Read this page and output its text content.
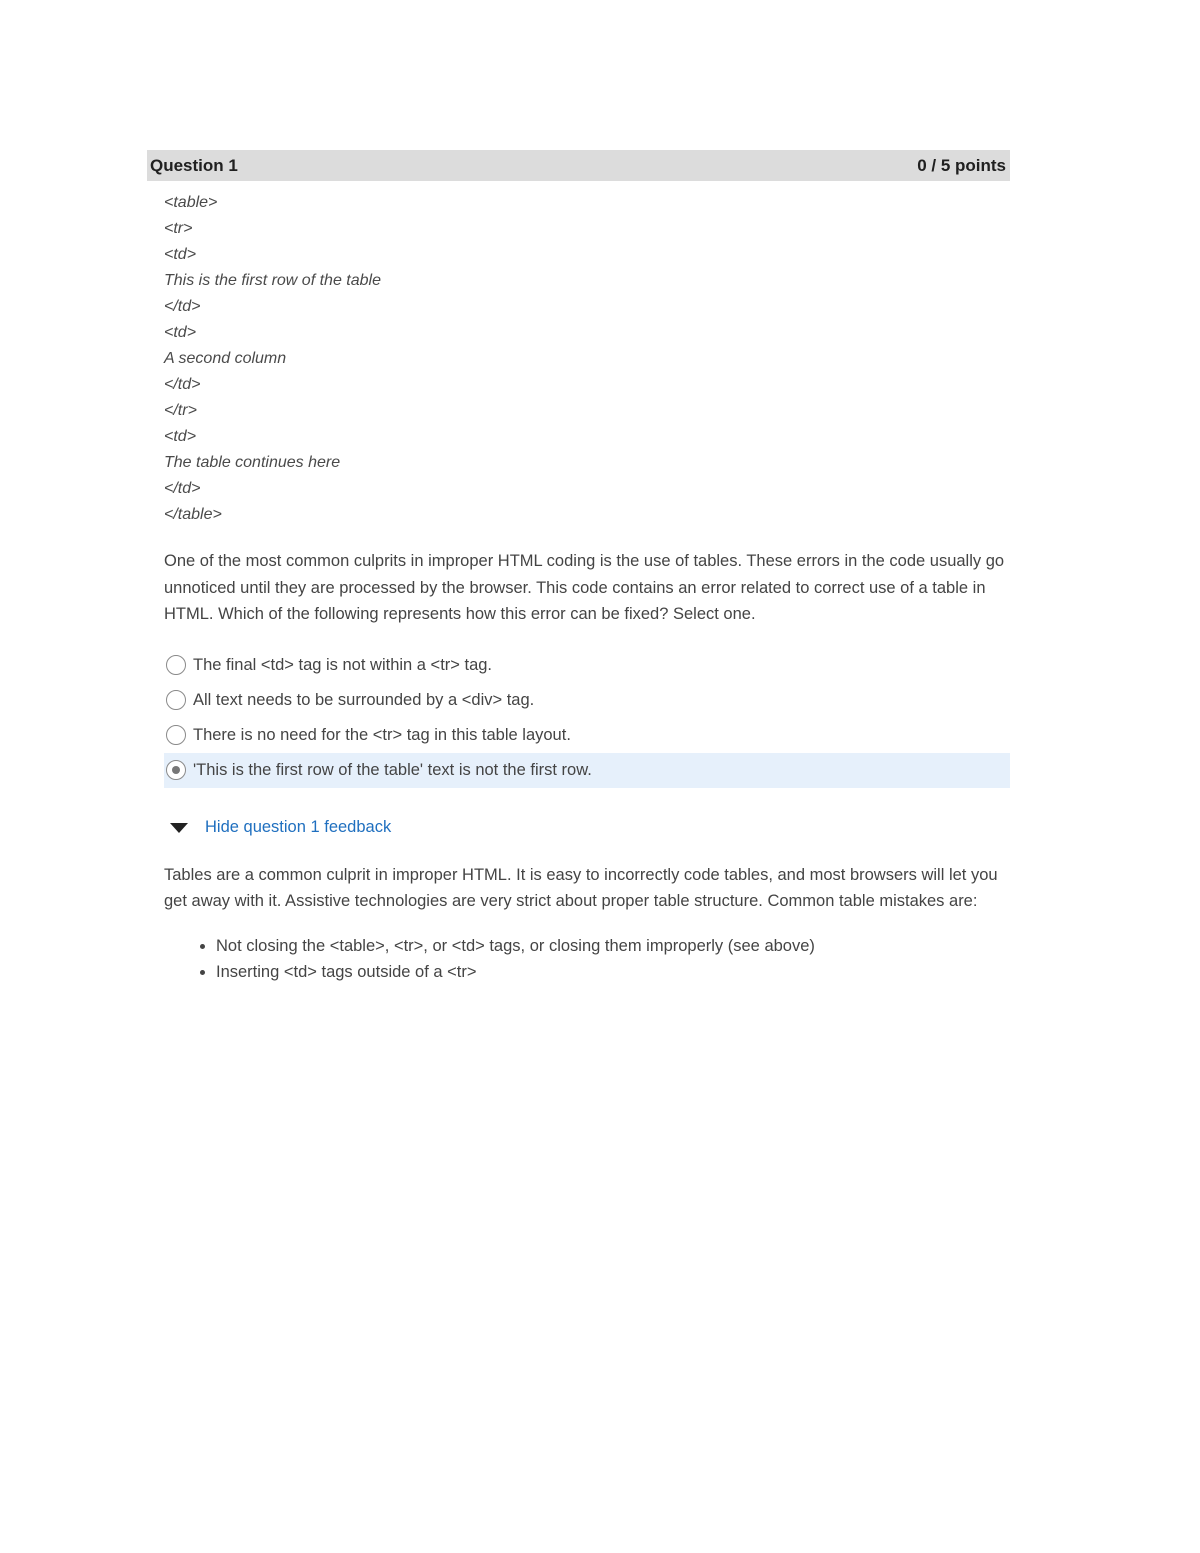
Question 1	0 / 5 points
<table>
<tr>
<td>
This is the first row of the table
</td>
<td>
A second column
</td>
</tr>
<td>
The table continues here
</td>
</table>

One of the most common culprits in improper HTML coding is the use of tables. These errors in the code usually go unnoticed until they are processed by the browser. This code contains an error related to correct use of a table in HTML. Which of the following represents how this error can be fixed? Select one.

The final <td> tag is not within a <tr> tag.
All text needs to be surrounded by a <div> tag.
There is no need for the <tr> tag in this table layout.
'This is the first row of the table' text is not the first row.
Hide question 1 feedback

Tables are a common culprit in improper HTML. It is easy to incorrectly code tables, and most browsers will let you get away with it. Assistive technologies are very strict about proper table structure. Common table mistakes are:

• Not closing the <table>, <tr>, or <td> tags, or closing them improperly (see above)
• Inserting <td> tags outside of a <tr>
